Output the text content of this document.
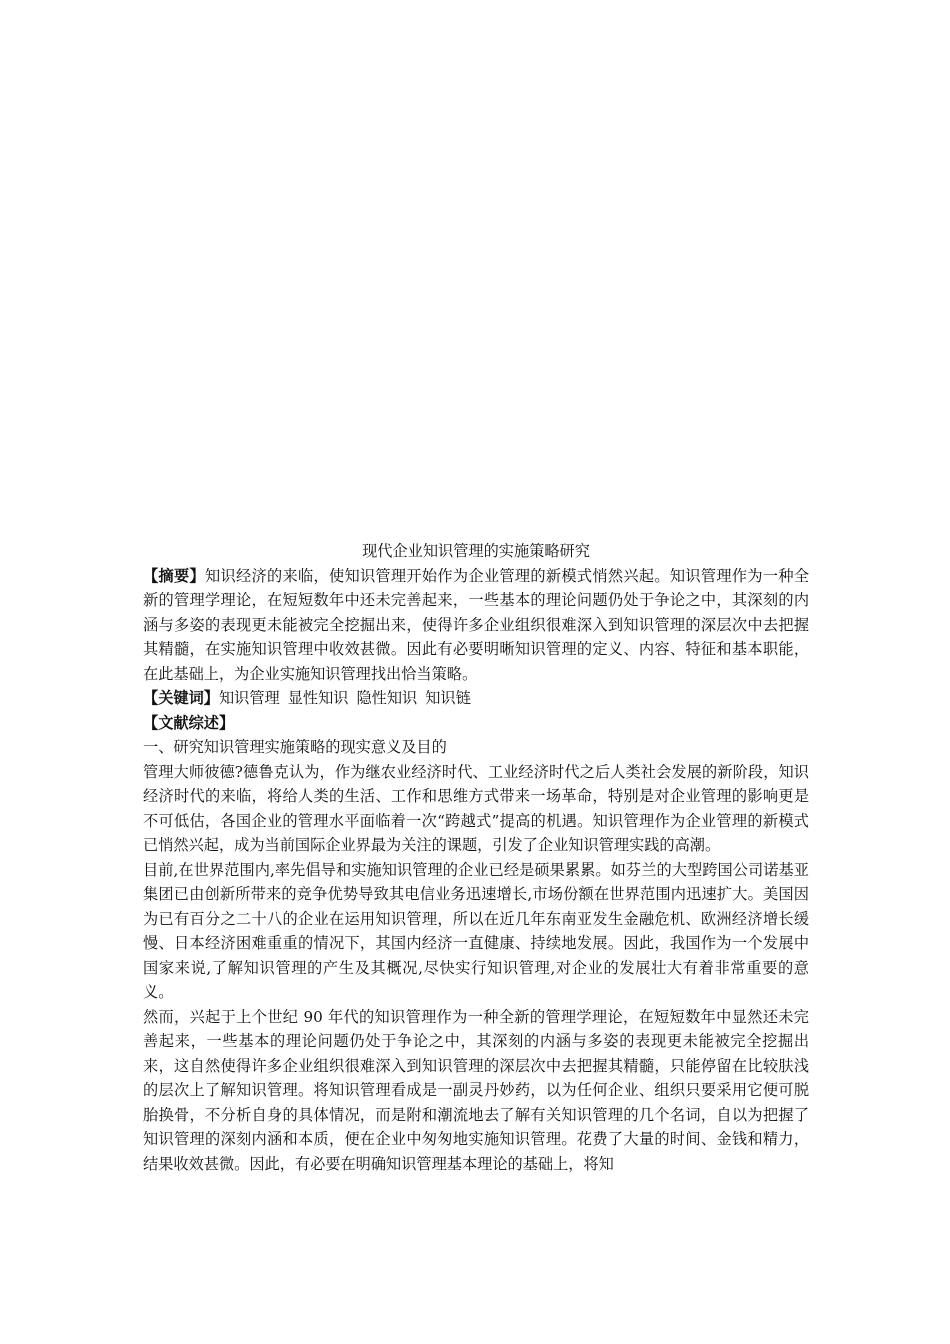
现代企业知识管理的实施策略研究

【摘要】知识经济的来临，使知识管理开始作为企业管理的新模式悄然兴起。知识管理作为一种全新的管理学理论，在短短数年中还未完善起来，一些基本的理论问题仍处于争论之中，其深刻的内涵与多姿的表现更未能被完全挖掘出来，使得许多企业组织很难深入到知识管理的深层次中去把握其精髓，在实施知识管理中收效甚微。因此有必要明晰知识管理的定义、内容、特征和基本职能，在此基础上，为企业实施知识管理找出恰当策略。

【关键词】知识管理 显性知识 隐性知识 知识链

【文献综述】

一、研究知识管理实施策略的现实意义及目的

管理大师彼德?德鲁克认为，作为继农业经济时代、工业经济时代之后人类社会发展的新阶段，知识经济时代的来临，将给人类的生活、工作和思维方式带来一场革命，特别是对企业管理的影响更是不可低估，各国企业的管理水平面临着一次“跨越式”提高的机遇。知识管理作为企业管理的新模式已悄然兴起，成为当前国际企业界最为关注的课题，引发了企业知识管理实践的高潮。

目前,在世界范围内,率先倡导和实施知识管理的企业已经是硕果累累。如芬兰的大型跨国公司诺基亚集团已由创新所带来的竞争优势导致其电信业务迅速增长,市场份额在世界范围内迅速扩大。美国因为已有百分之二十八的企业在运用知识管理，所以在近几年东南亚发生金融危机、欧洲经济增长缓慢、日本经济困难重重的情况下，其国内经济一直健康、持续地发展。因此，我国作为一个发展中国家来说,了解知识管理的产生及其概况,尽快实行知识管理,对企业的发展壮大有着非常重要的意义。

然而，兴起于上个世纪 90 年代的知识管理作为一种全新的管理学理论，在短短数年中显然还未完善起来，一些基本的理论问题仍处于争论之中，其深刻的内涵与多姿的表现更未能被完全挖掘出来，这自然使得许多企业组织很难深入到知识管理的深层次中去把握其精髓，只能停留在比较肤浅的层次上了解知识管理。将知识管理看成是一副灵丹妙药，以为任何企业、组织只要采用它便可脱胎换骨，不分析自身的具体情况，而是附和潮流地去了解有关知识管理的几个名词，自以为把握了知识管理的深刻内涵和本质，便在企业中匆匆地实施知识管理。花费了大量的时间、金钱和精力，结果收效甚微。因此，有必要在明确知识管理基本理论的基础上，将知
